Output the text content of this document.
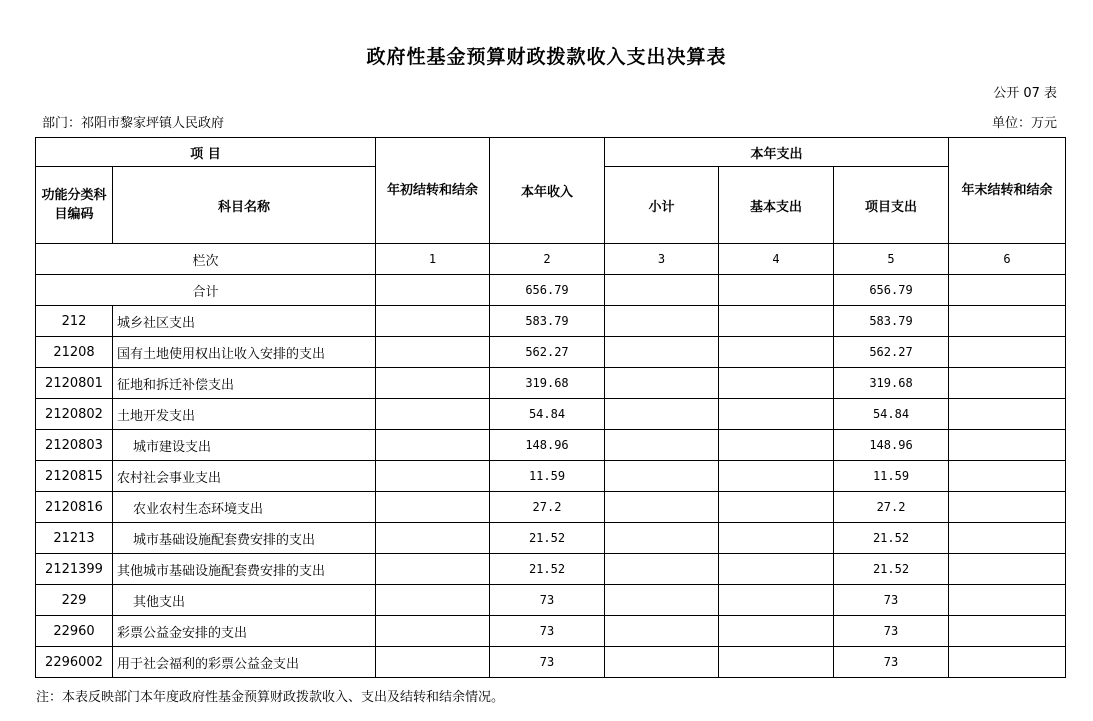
政府性基金预算财政拨款收入支出决算表
公开 07 表
部门：祁阳市黎家坪镇人民政府	单位：万元
项 目		年初结转和结余	本年收入	本年支出			年末结转和结余
功能分类科目编码	科目名称			小计	基本支出	项目支出	
栏次		1	2	3	4	5	6
合计			656.79			656.79	
212	城乡社区支出		583.79			583.79	
21208	国有土地使用权出让收入安排的支出		562.27			562.27	
2120801	征地和拆迁补偿支出		319.68			319.68	
2120802	土地开发支出		54.84			54.84	
2120803	城市建设支出		148.96			148.96	
2120815	农村社会事业支出		11.59			11.59	
2120816	农业农村生态环境支出		27.2			27.2	
21213	城市基础设施配套费安排的支出		21.52			21.52	
2121399	其他城市基础设施配套费安排的支出		21.52			21.52	
229	其他支出		73			73	
22960	彩票公益金安排的支出		73			73	
2296002	用于社会福利的彩票公益金支出		73			73	
注：本表反映部门本年度政府性基金预算财政拨款收入、支出及结转和结余情况。
